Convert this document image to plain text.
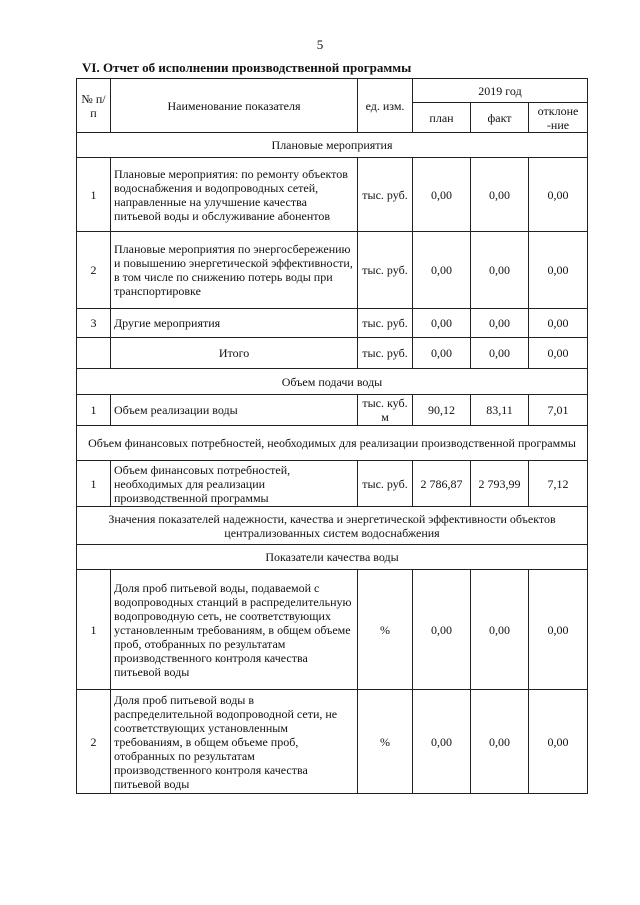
5
VI. Отчет об исполнении производственной программы
№ п/п	Наименование показателя	ед. изм.	2019 год		
			план	факт	отклоне -ние
Плановые мероприятия					
1	Плановые мероприятия: по ремонту объектов водоснабжения и водопроводных сетей, направленные на улучшение качества питьевой воды и обслуживание абонентов	тыс. руб.	0,00	0,00	0,00
2	Плановые мероприятия по энергосбережению и повышению энергетической эффективности, в том числе по снижению потерь воды при транспортировке	тыс. руб.	0,00	0,00	0,00
3	Другие мероприятия	тыс. руб.	0,00	0,00	0,00
	Итого	тыс. руб.	0,00	0,00	0,00
Объем подачи воды					
1	Объем реализации воды	тыс. куб. м	90,12	83,11	7,01
Объем финансовых потребностей, необходимых для реализации производственной программы					
1	Объем финансовых потребностей, необходимых для реализации производственной программы	тыс. руб.	2 786,87	2 793,99	7,12
Значения показателей надежности, качества и энергетической эффективности объектов централизованных систем водоснабжения					
Показатели качества воды					
1	Доля проб питьевой воды, подаваемой с водопроводных станций в распределительную водопроводную сеть, не соответствующих установленным требованиям, в общем объеме проб, отобранных по результатам производственного контроля качества питьевой воды	%	0,00	0,00	0,00
2	Доля проб питьевой воды в распределительной водопроводной сети, не соответствующих установленным требованиям, в общем объеме проб, отобранных по результатам производственного контроля качества питьевой воды	%	0,00	0,00	0,00
